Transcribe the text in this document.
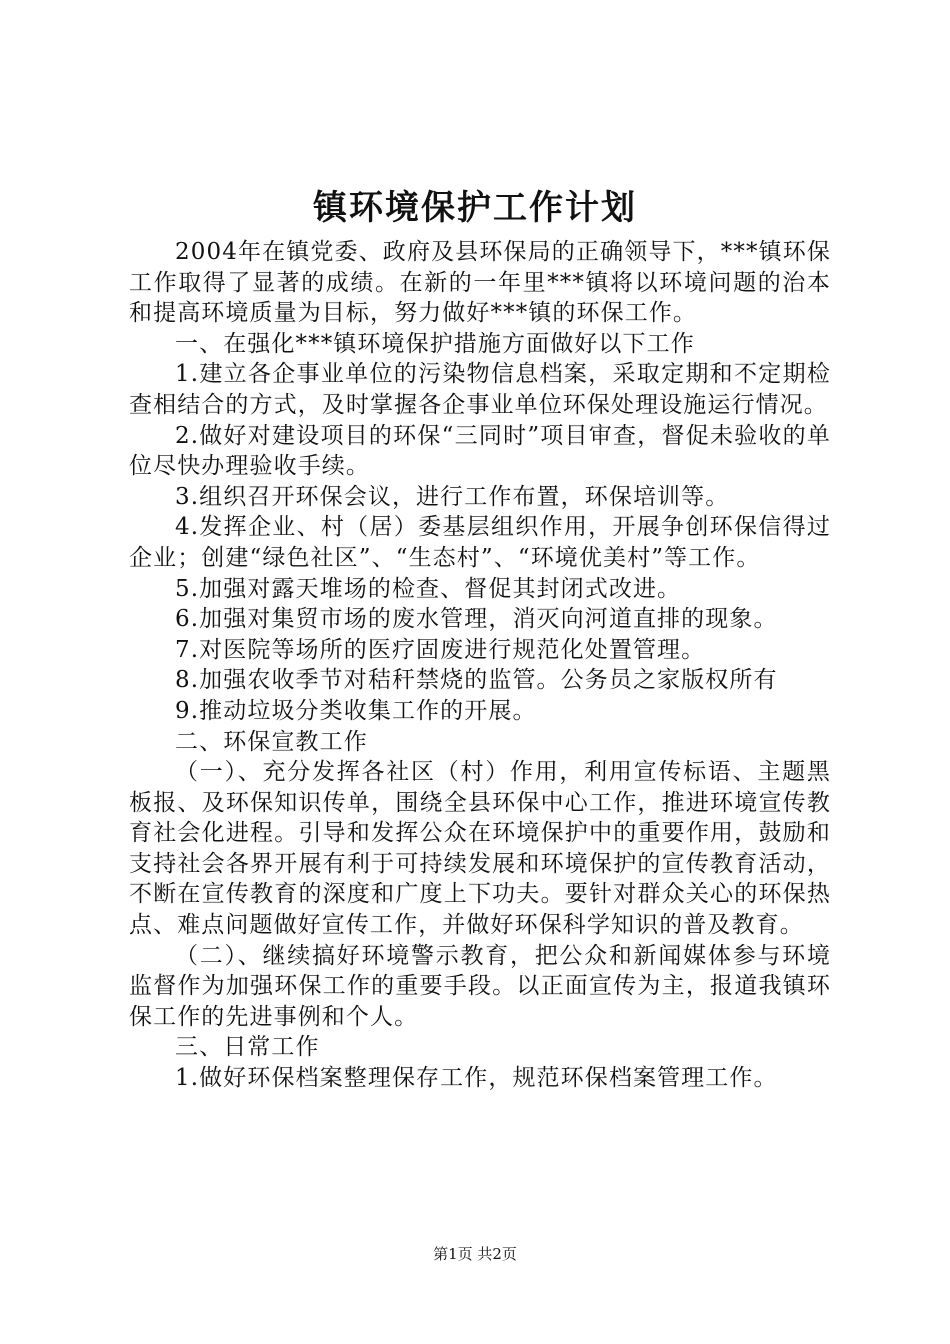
镇环境保护工作计划

2004年在镇党委、政府及县环保局的正确领导下，***镇环保工作取得了显著的成绩。在新的一年里***镇将以环境问题的治本和提高环境质量为目标，努力做好***镇的环保工作。

一、在强化***镇环境保护措施方面做好以下工作

1.建立各企事业单位的污染物信息档案，采取定期和不定期检查相结合的方式，及时掌握各企事业单位环保处理设施运行情况。

2.做好对建设项目的环保“三同时”项目审查，督促未验收的单位尽快办理验收手续。

3.组织召开环保会议，进行工作布置，环保培训等。

4.发挥企业、村（居）委基层组织作用，开展争创环保信得过企业；创建“绿色社区”、“生态村”、“环境优美村”等工作。

5.加强对露天堆场的检查、督促其封闭式改进。

6.加强对集贸市场的废水管理，消灭向河道直排的现象。

7.对医院等场所的医疗固废进行规范化处置管理。

8.加强农收季节对秸秆禁烧的监管。公务员之家版权所有

9.推动垃圾分类收集工作的开展。

二、环保宣教工作

（一）、充分发挥各社区（村）作用，利用宣传标语、主题黑板报、及环保知识传单，围绕全县环保中心工作，推进环境宣传教育社会化进程。引导和发挥公众在环境保护中的重要作用，鼓励和支持社会各界开展有利于可持续发展和环境保护的宣传教育活动，不断在宣传教育的深度和广度上下功夫。要针对群众关心的环保热点、难点问题做好宣传工作，并做好环保科学知识的普及教育。

（二）、继续搞好环境警示教育，把公众和新闻媒体参与环境监督作为加强环保工作的重要手段。以正面宣传为主，报道我镇环保工作的先进事例和个人。

三、日常工作

1.做好环保档案整理保存工作，规范环保档案管理工作。

第1页 共2页
